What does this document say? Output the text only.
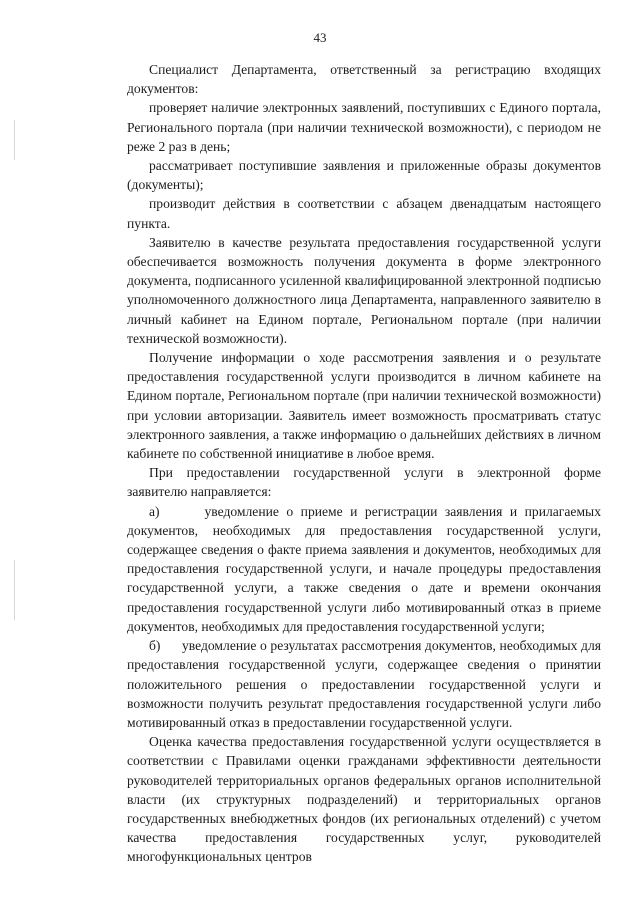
43

Специалист Департамента, ответственный за регистрацию входящих документов:

проверяет наличие электронных заявлений, поступивших с Единого портала, Регионального портала (при наличии технической возможности), с периодом не реже 2 раз в день;

рассматривает поступившие заявления и приложенные образы документов (документы);

производит действия в соответствии с абзацем двенадцатым настоящего пункта.

Заявителю в качестве результата предоставления государственной услуги обеспечивается возможность получения документа в форме электронного документа, подписанного усиленной квалифицированной электронной подписью уполномоченного должностного лица Департамента, направленного заявителю в личный кабинет на Едином портале, Региональном портале (при наличии технической возможности).

Получение информации о ходе рассмотрения заявления и о результате предоставления государственной услуги производится в личном кабинете на Едином портале, Региональном портале (при наличии технической возможности) при условии авторизации. Заявитель имеет возможность просматривать статус электронного заявления, а также информацию о дальнейших действиях в личном кабинете по собственной инициативе в любое время.

При предоставлении государственной услуги в электронной форме заявителю направляется:

а)      уведомление о приеме и регистрации заявления и прилагаемых документов, необходимых для предоставления государственной услуги, содержащее сведения о факте приема заявления и документов, необходимых для предоставления государственной услуги, и начале процедуры предоставления государственной услуги, а также сведения о дате и времени окончания предоставления государственной услуги либо мотивированный отказ в приеме документов, необходимых для предоставления государственной услуги;

б)      уведомление о результатах рассмотрения документов, необходимых для предоставления государственной услуги, содержащее сведения о принятии положительного решения о предоставлении государственной услуги и возможности получить результат предоставления государственной услуги либо мотивированный отказ в предоставлении государственной услуги.

Оценка качества предоставления государственной услуги осуществляется в соответствии с Правилами оценки гражданами эффективности деятельности руководителей территориальных органов федеральных органов исполнительной власти (их структурных подразделений) и территориальных органов государственных внебюджетных фондов (их региональных отделений) с учетом качества предоставления государственных услуг, руководителей многофункциональных центров
